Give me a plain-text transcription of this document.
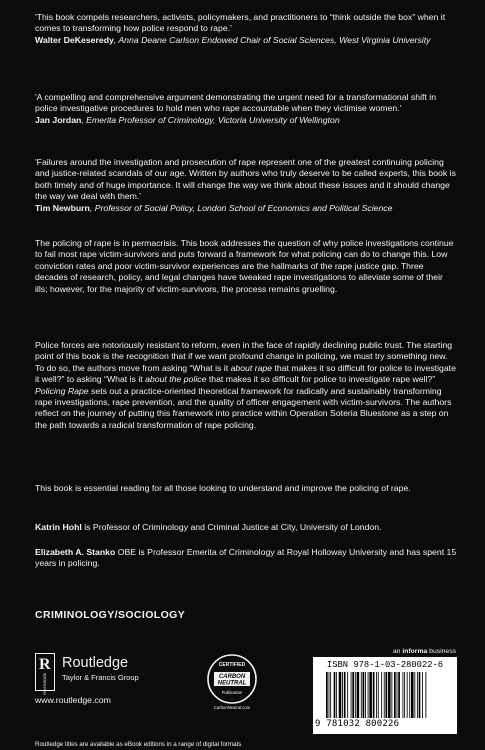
'This book compels researchers, activists, policymakers, and practitioners to “think outside the box” when it comes to transforming how police respond to rape.'
Walter DeKeseredy, Anna Deane Carlson Endowed Chair of Social Sciences, West Virginia University

'A compelling and comprehensive argument demonstrating the urgent need for a transformational shift in police investigative procedures to hold men who rape accountable when they victimise women.'
Jan Jordan, Emerita Professor of Criminology, Victoria University of Wellington

'Failures around the investigation and prosecution of rape represent one of the greatest continuing policing and justice-related scandals of our age. Written by authors who truly deserve to be called experts, this book is both timely and of huge importance. It will change the way we think about these issues and it should change the way we deal with them.'
Tim Newburn, Professor of Social Policy, London School of Economics and Political Science

The policing of rape is in permacrisis. This book addresses the question of why police investigations continue to fail most rape victim-survivors and puts forward a framework for what policing can do to change this. Low conviction rates and poor victim-survivor experiences are the hallmarks of the rape justice gap. Three decades of research, policy, and legal changes have tweaked rape investigations to alleviate some of their ills; however, for the majority of victim-survivors, the process remains gruelling.

Police forces are notoriously resistant to reform, even in the face of rapidly declining public trust. The starting point of this book is the recognition that if we want profound change in policing, we must try something new. To do so, the authors move from asking “What is it about rape that makes it so difficult for police to investigate it well?” to asking “What is it about the police that makes it so difficult for police to investigate rape well?” Policing Rape sets out a practice-oriented theoretical framework for radically and sustainably transforming rape investigations, rape prevention, and the quality of officer engagement with victim-survivors. The authors reflect on the journey of putting this framework into practice within Operation Soteria Bluestone as a step on the path towards a radical transformation of rape policing.

This book is essential reading for all those looking to understand and improve the policing of rape.

Katrin Hohl is Professor of Criminology and Criminal Justice at City, University of London.

Elizabeth A. Stanko OBE is Professor Emerita of Criminology at Royal Holloway University and has spent 15 years in policing.

CRIMINOLOGY/SOCIOLOGY
R
ROUTLEDGE
Routledge
Taylor & Francis Group
www.routledge.com
CERTIFIED
CARBON
NEUTRAL
Publication
CarbonNeutral.com
an informa business
ISBN 978-1-03-280022-6
9 781032 800226
Routledge titles are available as eBook editions in a range of digital formats
